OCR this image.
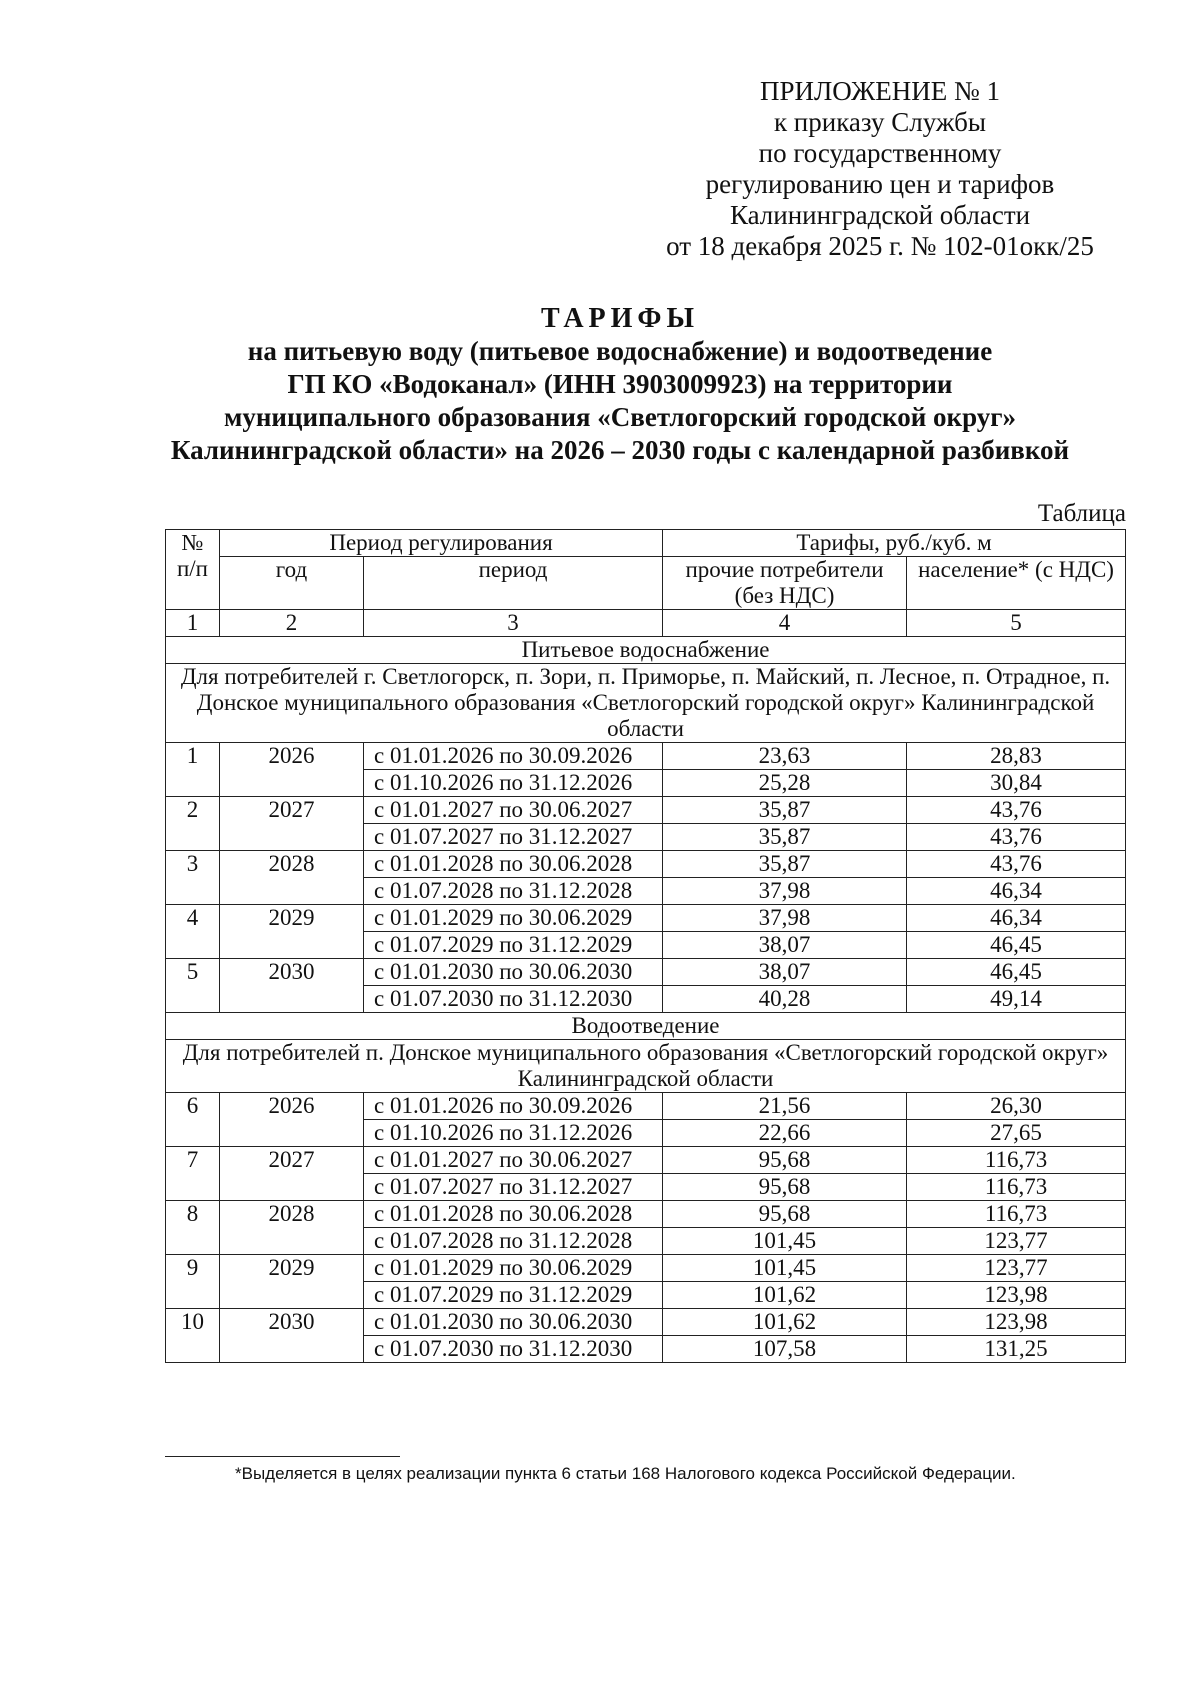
ПРИЛОЖЕНИЕ № 1
к приказу Службы
по государственному
регулированию цен и тарифов
Калининградской области
от 18 декабря 2025 г. № 102-01окк/25
ТАРИФЫ
на питьевую воду (питьевое водоснабжение) и водоотведение
ГП КО «Водоканал» (ИНН 3903009923) на территории
муниципального образования «Светлогорский городской округ»
Калининградской области» на 2026 – 2030 годы с календарной разбивкой
Таблица
№ п/п	Период регулирования		Тарифы, руб./куб. м	
	год	период	прочие потребители (без НДС)	население* (с НДС)
1	2	3	4	5
Питьевое водоснабжение				
Для потребителей г. Светлогорск, п. Зори, п. Приморье, п. Майский, п. Лесное, п. Отрадное, п. Донское муниципального образования «Светлогорский городской округ» Калининградской области				
1	2026	с 01.01.2026 по 30.09.2026	23,63	28,83
		с 01.10.2026 по 31.12.2026	25,28	30,84
2	2027	с 01.01.2027 по 30.06.2027	35,87	43,76
		с 01.07.2027 по 31.12.2027	35,87	43,76
3	2028	с 01.01.2028 по 30.06.2028	35,87	43,76
		с 01.07.2028 по 31.12.2028	37,98	46,34
4	2029	с 01.01.2029 по 30.06.2029	37,98	46,34
		с 01.07.2029 по 31.12.2029	38,07	46,45
5	2030	с 01.01.2030 по 30.06.2030	38,07	46,45
		с 01.07.2030 по 31.12.2030	40,28	49,14
Водоотведение				
Для потребителей п. Донское муниципального образования «Светлогорский городской округ» Калининградской области				
6	2026	с 01.01.2026 по 30.09.2026	21,56	26,30
		с 01.10.2026 по 31.12.2026	22,66	27,65
7	2027	с 01.01.2027 по 30.06.2027	95,68	116,73
		с 01.07.2027 по 31.12.2027	95,68	116,73
8	2028	с 01.01.2028 по 30.06.2028	95,68	116,73
		с 01.07.2028 по 31.12.2028	101,45	123,77
9	2029	с 01.01.2029 по 30.06.2029	101,45	123,77
		с 01.07.2029 по 31.12.2029	101,62	123,98
10	2030	с 01.01.2030 по 30.06.2030	101,62	123,98
		с 01.07.2030 по 31.12.2030	107,58	131,25
*Выделяется в целях реализации пункта 6 статьи 168 Налогового кодекса Российской Федерации.
